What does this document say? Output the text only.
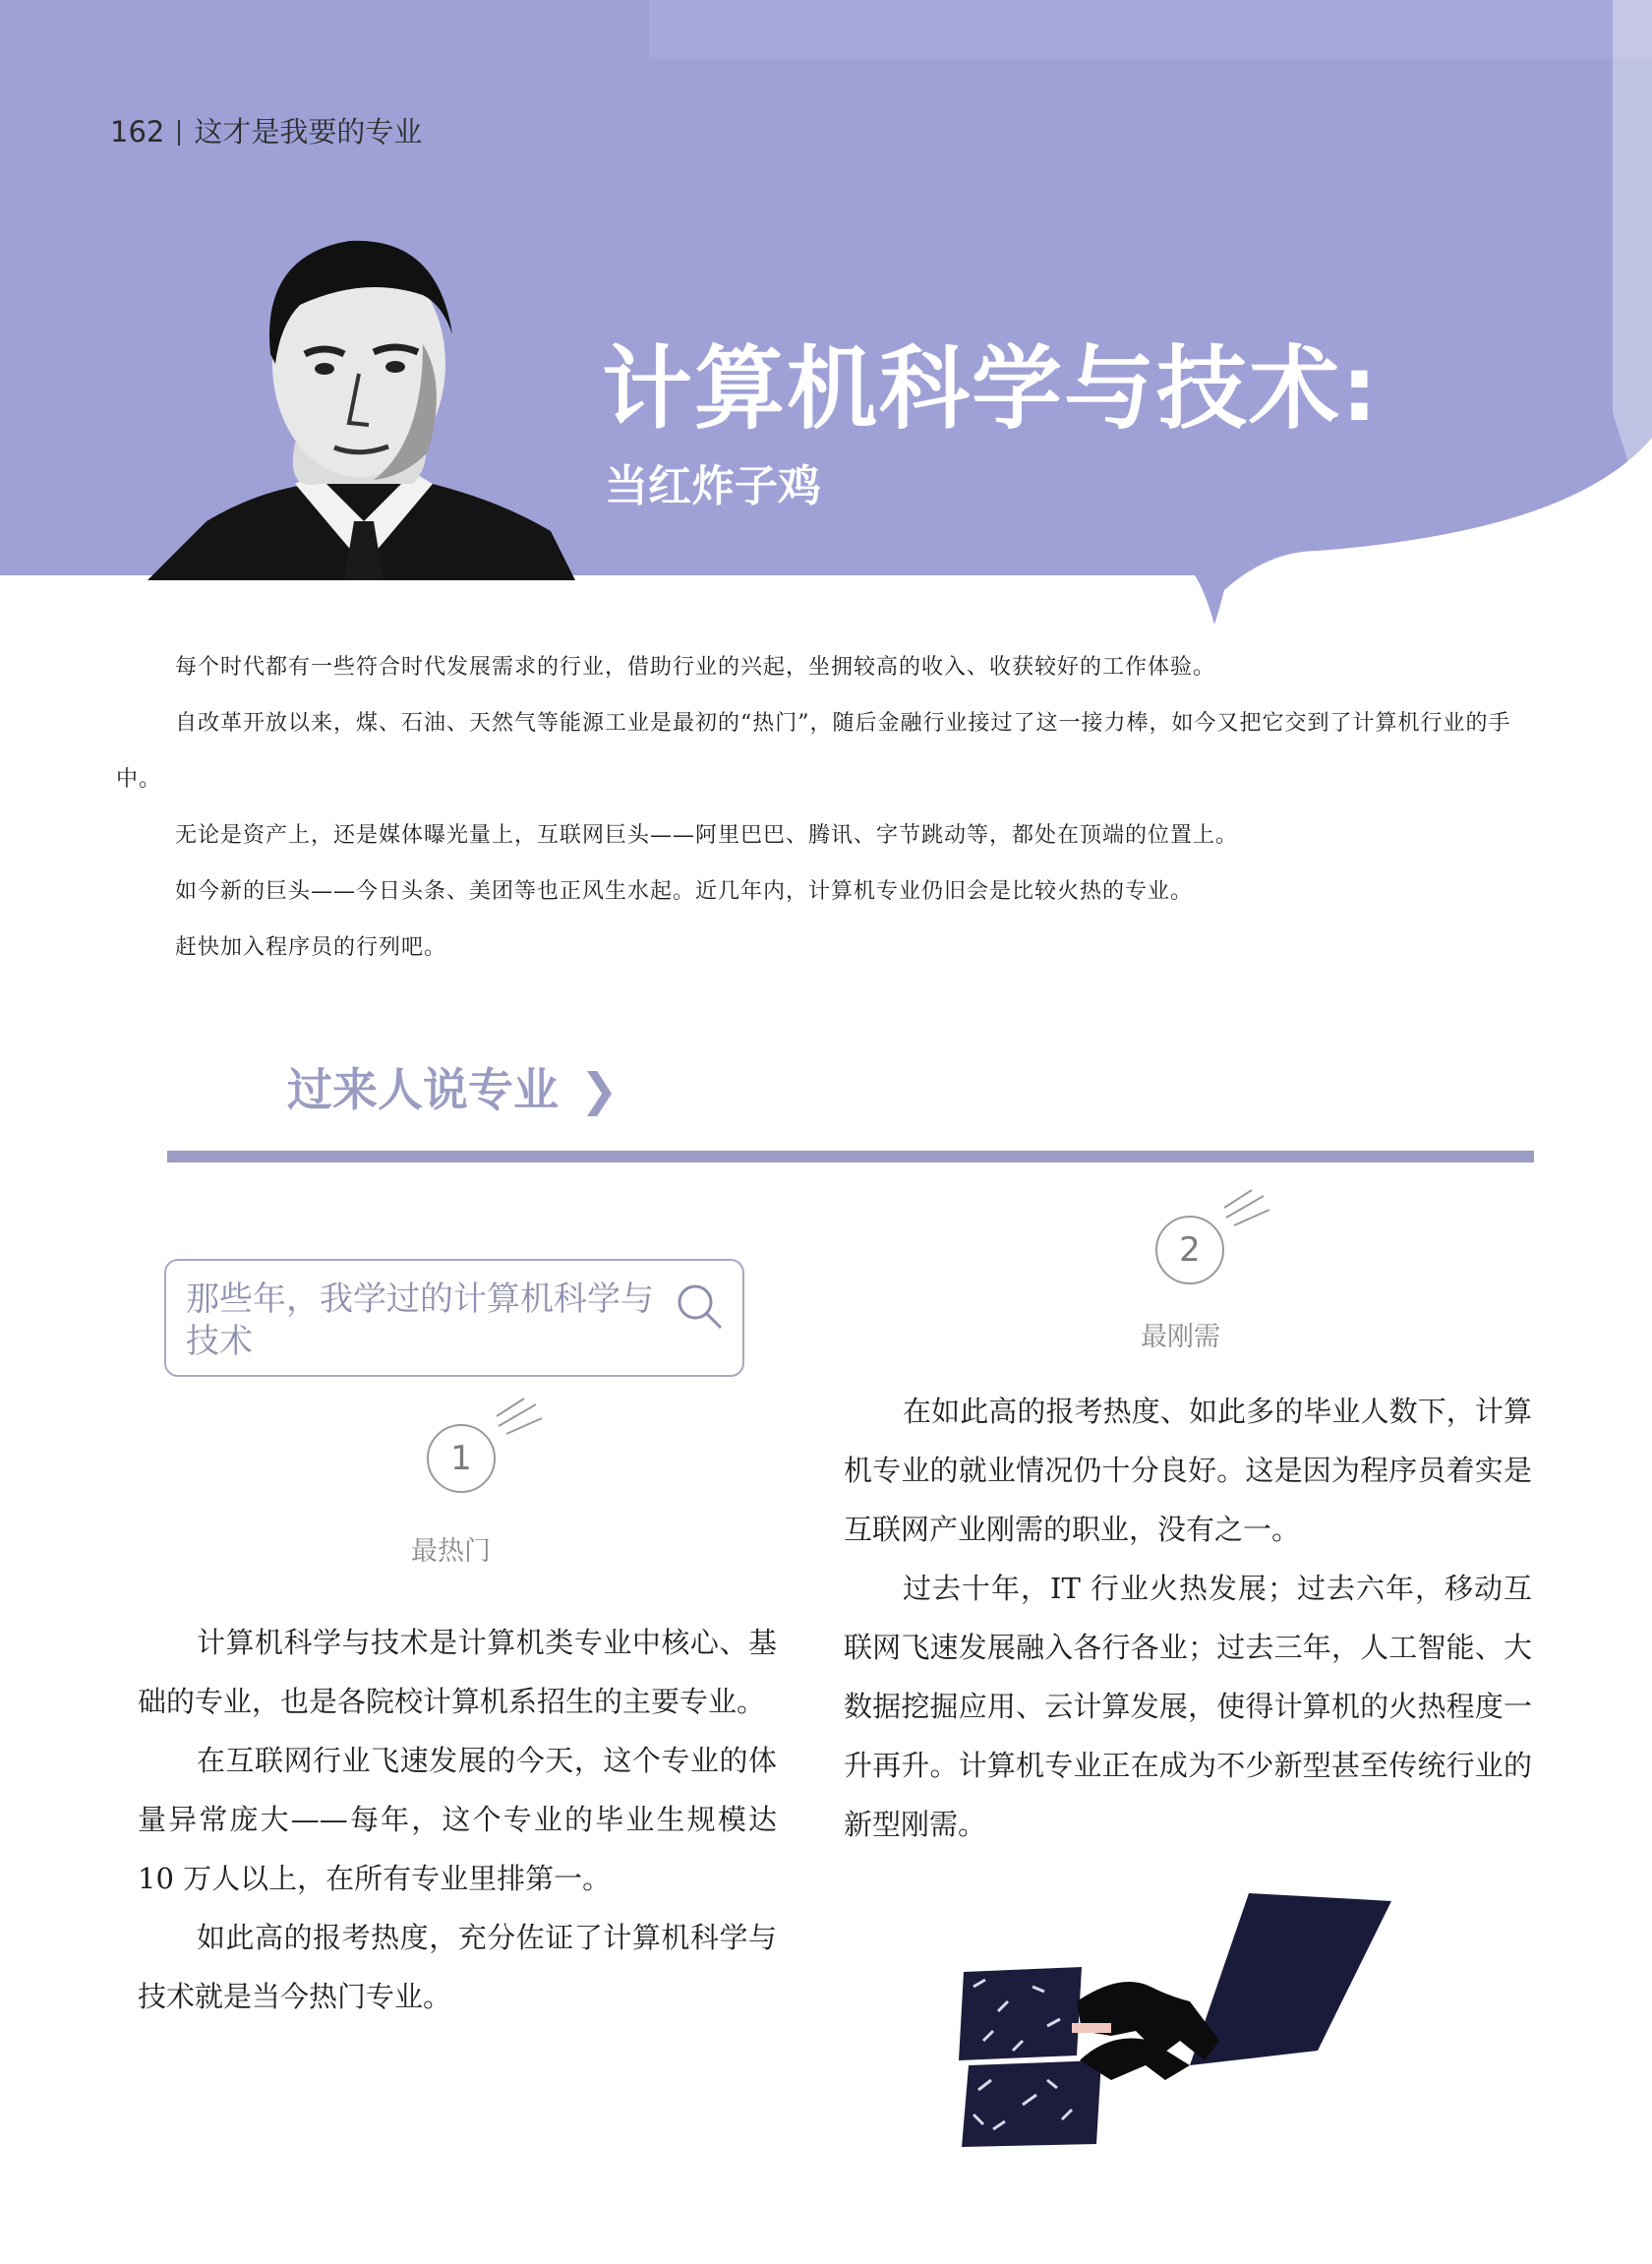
162 这才是我要的专业
计算机科学与技术:
当红炸子鸡

每个时代都有一些符合时代发展需求的行业，借助行业的兴起，坐拥较高的收入、收获较好的工作体验。

自改革开放以来，煤、石油、天然气等能源工业是最初的“热门”，随后金融行业接过了这一接力棒，如今又把它交到了计算机行业的手中。

无论是资产上，还是媒体曝光量上，互联网巨头——阿里巴巴、腾讯、字节跳动等，都处在顶端的位置上。

如今新的巨头——今日头条、美团等也正风生水起。近几年内，计算机专业仍旧会是比较火热的专业。

赶快加入程序员的行列吧。

过来人说专业 ❯
那些年，我学过的计算机科学与技术
1
最热门
2
最刚需

计算机科学与技术是计算机类专业中核心、基础的专业，也是各院校计算机系招生的主要专业。

在互联网行业飞速发展的今天，这个专业的体量异常庞大——每年，这个专业的毕业生规模达 10 万人以上，在所有专业里排第一。

如此高的报考热度，充分佐证了计算机科学与技术就是当今热门专业。

在如此高的报考热度、如此多的毕业人数下，计算机专业的就业情况仍十分良好。这是因为程序员着实是互联网产业刚需的职业，没有之一。

过去十年，IT 行业火热发展；过去六年，移动互联网飞速发展融入各行各业；过去三年，人工智能、大数据挖掘应用、云计算发展，使得计算机的火热程度一升再升。计算机专业正在成为不少新型甚至传统行业的新型刚需。
